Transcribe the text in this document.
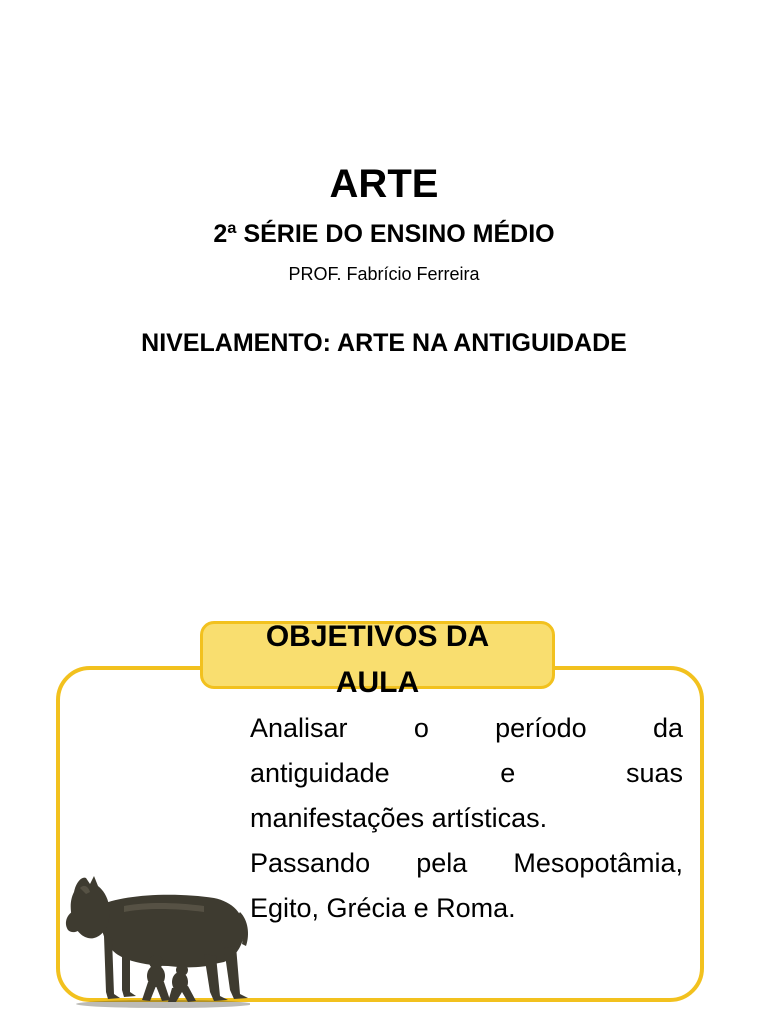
ARTE
2ª SÉRIE DO ENSINO MÉDIO
PROF. Fabrício Ferreira
NIVELAMENTO: ARTE NA ANTIGUIDADE
OBJETIVOS DA
AULA

Analisar o período da

antiguidade e suas

manifestações artísticas.

Passando pela Mesopotâmia,

Egito, Grécia e Roma.
